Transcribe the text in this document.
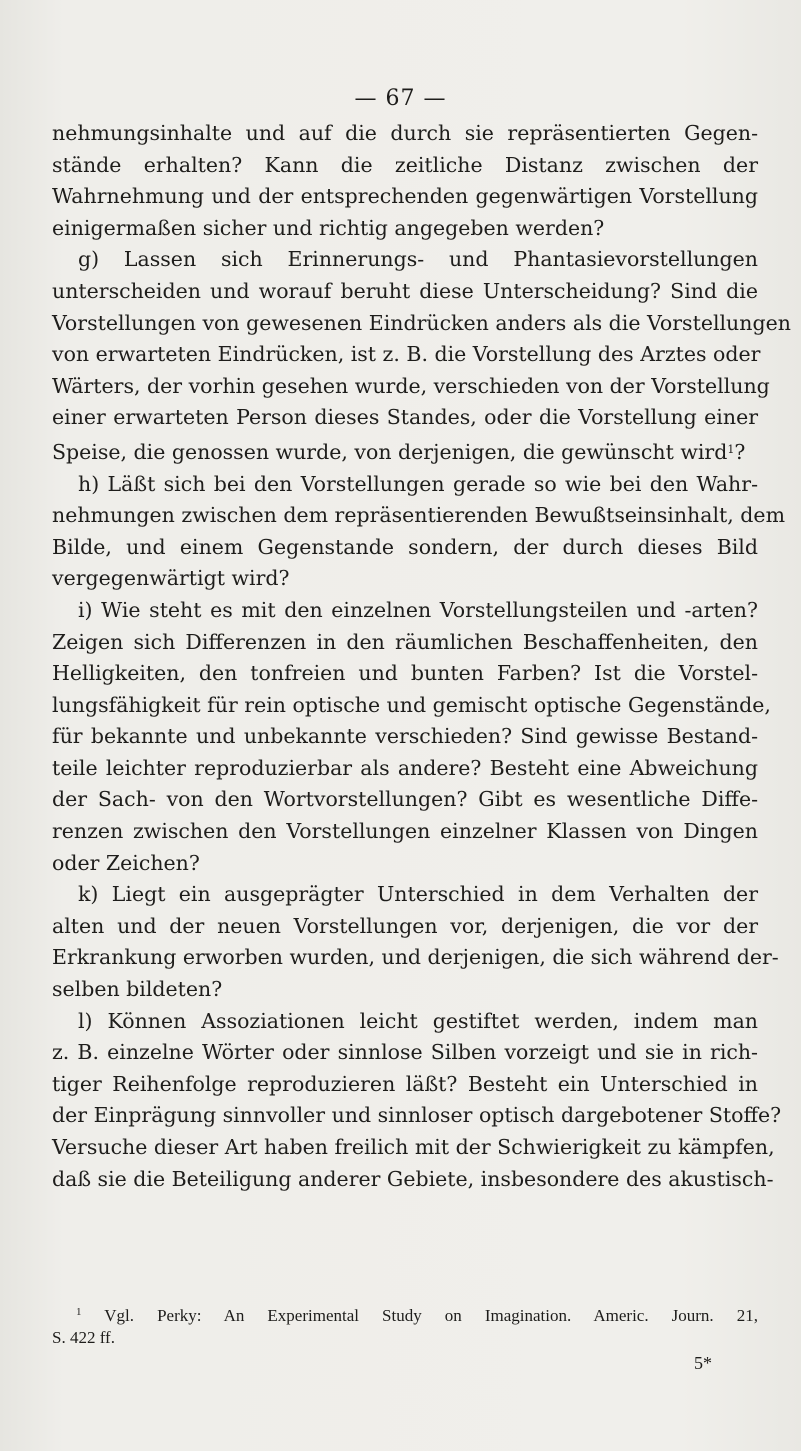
— 67 —
nehmungsinhalte und auf die durch sie repräsentierten Gegen-
stände erhalten? Kann die zeitliche Distanz zwischen der
Wahrnehmung und der entsprechenden gegenwärtigen Vorstellung
einigermaßen sicher und richtig angegeben werden?
g) Lassen sich Erinnerungs- und Phantasievorstellungen
unterscheiden und worauf beruht diese Unterscheidung? Sind die
Vorstellungen von gewesenen Eindrücken anders als die Vorstellungen
von erwarteten Eindrücken, ist z. B. die Vorstellung des Arztes oder
Wärters, der vorhin gesehen wurde, verschieden von der Vorstellung
einer erwarteten Person dieses Standes, oder die Vorstellung einer
Speise, die genossen wurde, von derjenigen, die gewünscht wird$^1$?
h) Läßt sich bei den Vorstellungen gerade so wie bei den Wahr-
nehmungen zwischen dem repräsentierenden Bewußtseinsinhalt, dem
Bilde, und einem Gegenstande sondern, der durch dieses Bild
vergegenwärtigt wird?
i) Wie steht es mit den einzelnen Vorstellungsteilen und -arten?
Zeigen sich Differenzen in den räumlichen Beschaffenheiten, den
Helligkeiten, den tonfreien und bunten Farben? Ist die Vorstel-
lungsfähigkeit für rein optische und gemischt optische Gegenstände,
für bekannte und unbekannte verschieden? Sind gewisse Bestand-
teile leichter reproduzierbar als andere? Besteht eine Abweichung
der Sach- von den Wortvorstellungen? Gibt es wesentliche Diffe-
renzen zwischen den Vorstellungen einzelner Klassen von Dingen
oder Zeichen?
k) Liegt ein ausgeprägter Unterschied in dem Verhalten der
alten und der neuen Vorstellungen vor, derjenigen, die vor der
Erkrankung erworben wurden, und derjenigen, die sich während der-
selben bildeten?
l) Können Assoziationen leicht gestiftet werden, indem man
z. B. einzelne Wörter oder sinnlose Silben vorzeigt und sie in rich-
tiger Reihenfolge reproduzieren läßt? Besteht ein Unterschied in
der Einprägung sinnvoller und sinnloser optisch dargebotener Stoffe?
Versuche dieser Art haben freilich mit der Schwierigkeit zu kämpfen,
daß sie die Beteiligung anderer Gebiete, insbesondere des akustisch-
$^1$ Vgl. Perky: An Experimental Study on Imagination. Americ. Journ. 21,
S. 422 ff.
5*
